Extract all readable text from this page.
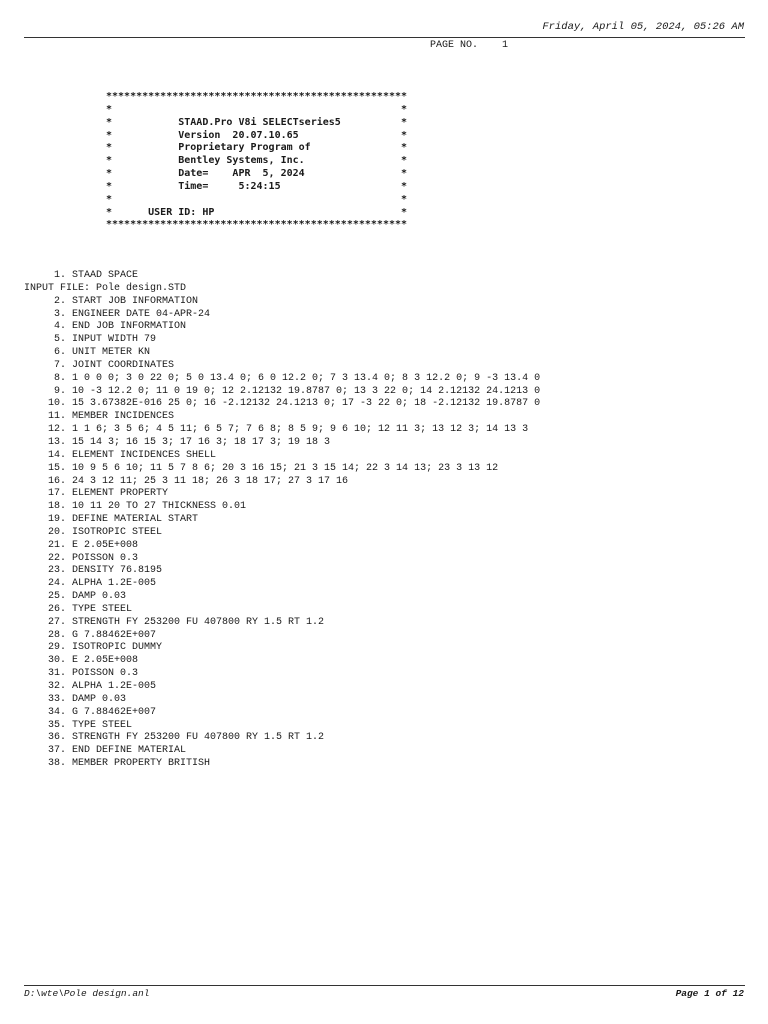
Friday, April 05, 2024, 05:26 AM
PAGE NO.    1
**************************************************
*                                                *
*           STAAD.Pro V8i SELECTseries5          *
*           Version  20.07.10.65                 *
*           Proprietary Program of               *
*           Bentley Systems, Inc.                *
*           Date=    APR  5, 2024                *
*           Time=     5:24:15                    *
*                                                *
*      USER ID: HP                               *
**************************************************
1. STAAD SPACE
INPUT FILE: Pole design.STD
2. START JOB INFORMATION
3. ENGINEER DATE 04-APR-24
4. END JOB INFORMATION
5. INPUT WIDTH 79
6. UNIT METER KN
7. JOINT COORDINATES
8. 1 0 0 0; 3 0 22 0; 5 0 13.4 0; 6 0 12.2 0; 7 3 13.4 0; 8 3 12.2 0; 9 -3 13.4 0
9. 10 -3 12.2 0; 11 0 19 0; 12 2.12132 19.8787 0; 13 3 22 0; 14 2.12132 24.1213 0
10. 15 3.67382E-016 25 0; 16 -2.12132 24.1213 0; 17 -3 22 0; 18 -2.12132 19.8787 0
11. MEMBER INCIDENCES
12. 1 1 6; 3 5 6; 4 5 11; 6 5 7; 7 6 8; 8 5 9; 9 6 10; 12 11 3; 13 12 3; 14 13 3
13. 15 14 3; 16 15 3; 17 16 3; 18 17 3; 19 18 3
14. ELEMENT INCIDENCES SHELL
15. 10 9 5 6 10; 11 5 7 8 6; 20 3 16 15; 21 3 15 14; 22 3 14 13; 23 3 13 12
16. 24 3 12 11; 25 3 11 18; 26 3 18 17; 27 3 17 16
17. ELEMENT PROPERTY
18. 10 11 20 TO 27 THICKNESS 0.01
19. DEFINE MATERIAL START
20. ISOTROPIC STEEL
21. E 2.05E+008
22. POISSON 0.3
23. DENSITY 76.8195
24. ALPHA 1.2E-005
25. DAMP 0.03
26. TYPE STEEL
27. STRENGTH FY 253200 FU 407800 RY 1.5 RT 1.2
28. G 7.88462E+007
29. ISOTROPIC DUMMY
30. E 2.05E+008
31. POISSON 0.3
32. ALPHA 1.2E-005
33. DAMP 0.03
34. G 7.88462E+007
35. TYPE STEEL
36. STRENGTH FY 253200 FU 407800 RY 1.5 RT 1.2
37. END DEFINE MATERIAL
38. MEMBER PROPERTY BRITISH
D:\wte\Pole design.anl	Page 1 of 12
